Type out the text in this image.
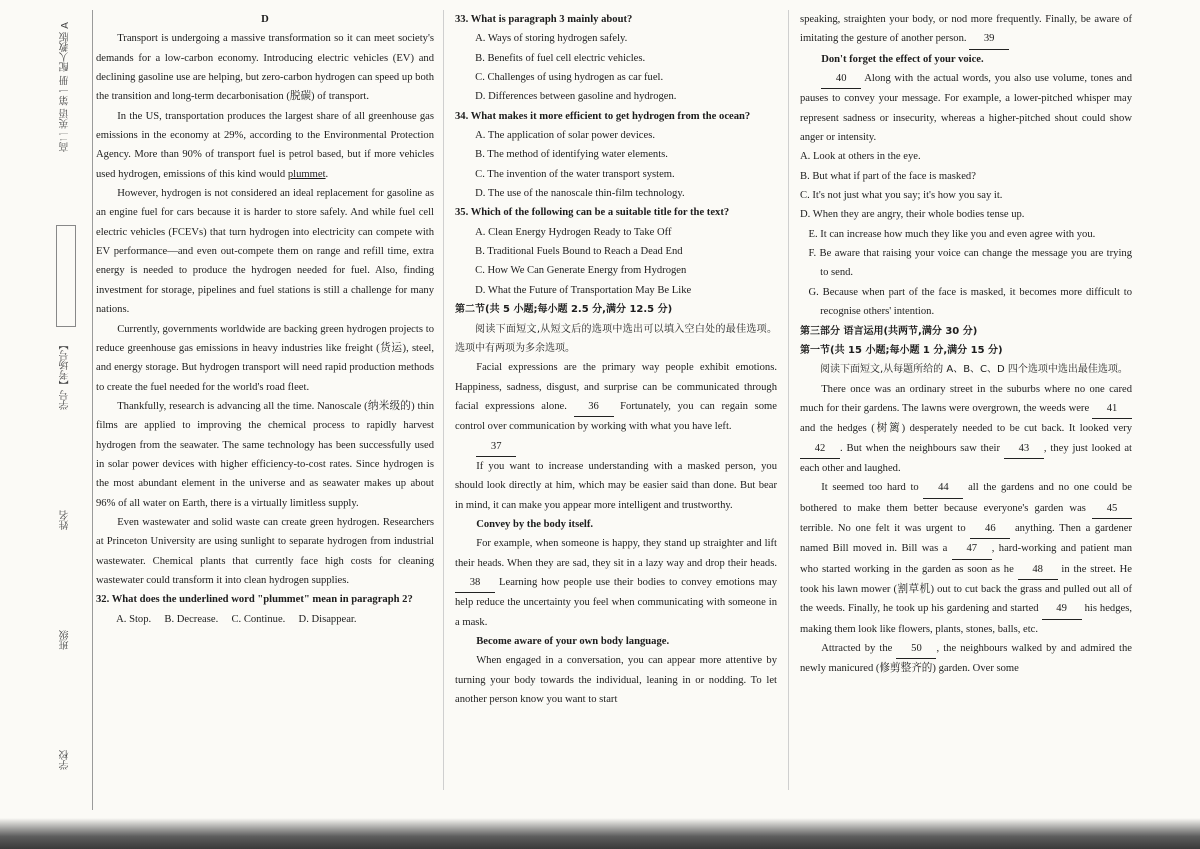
高二 英语 第一册 配人教版 A
学号【考场号】
姓名
班级
学校

D

Transport is undergoing a massive transformation so it can meet society's demands for a low-carbon economy. Introducing electric vehicles (EV) and declining gasoline use are helping, but zero-carbon hydrogen can speed up both the transition and long-term decarbonisation (脱碳) of transport.

In the US, transportation produces the largest share of all greenhouse gas emissions in the economy at 29%, according to the Environmental Protection Agency. More than 90% of transport fuel is petrol based, but if more vehicles used hydrogen, emissions of this kind would plummet.

However, hydrogen is not considered an ideal replacement for gasoline as an engine fuel for cars because it is harder to store safely. And while fuel cell electric vehicles (FCEVs) that turn hydrogen into electricity can compete with EV performance—and even out-compete them on range and refill time, extra energy is needed to produce the hydrogen needed for fuel. Also, finding investment for storage, pipelines and fuel stations is still a challenge for many nations.

Currently, governments worldwide are backing green hydrogen projects to reduce greenhouse gas emissions in heavy industries like freight (货运), steel, and energy storage. But hydrogen transport will need rapid production methods to create the fuel needed for the world's road fleet.

Thankfully, research is advancing all the time. Nanoscale (纳米级的) thin films are applied to improving the chemical process to rapidly harvest hydrogen from the seawater. The same technology has been successfully used in solar power devices with higher efficiency-to-cost rates. Since hydrogen is the most abundant element in the universe and as seawater makes up about 96% of all water on Earth, there is a virtually limitless supply.

Even wastewater and solid waste can create green hydrogen. Researchers at Princeton University are using sunlight to separate hydrogen from industrial wastewater. Chemical plants that currently face high costs for cleaning wastewater could transform it into clean hydrogen supplies.

32. What does the underlined word "plummet" mean in paragraph 2?

A. Stop.     B. Decrease.     C. Continue.     D. Disappear.

33. What is paragraph 3 mainly about?

A. Ways of storing hydrogen safely.

B. Benefits of fuel cell electric vehicles.

C. Challenges of using hydrogen as car fuel.

D. Differences between gasoline and hydrogen.

34. What makes it more efficient to get hydrogen from the ocean?

A. The application of solar power devices.

B. The method of identifying water elements.

C. The invention of the water transport system.

D. The use of the nanoscale thin-film technology.

35. Which of the following can be a suitable title for the text?

A. Clean Energy Hydrogen Ready to Take Off

B. Traditional Fuels Bound to Reach a Dead End

C. How We Can Generate Energy from Hydrogen

D. What the Future of Transportation May Be Like

第二节(共 5 小题;每小题 2.5 分,满分 12.5 分)

阅读下面短文,从短文后的选项中选出可以填入空白处的最佳选项。选项中有两项为多余选项。

Facial expressions are the primary way people exhibit emotions. Happiness, sadness, disgust, and surprise can be communicated through facial expressions alone. 36 Fortunately, you can regain some control over communication by working with what you have left.

37

If you want to increase understanding with a masked person, you should look directly at him, which may be easier said than done. But bear in mind, it can make you appear more intelligent and trustworthy.

Convey by the body itself.

For example, when someone is happy, they stand up straighter and lift their heads. When they are sad, they sit in a lazy way and drop their heads. 38 Learning how people use their bodies to convey emotions may help reduce the uncertainty you feel when communicating with someone in a mask.

Become aware of your own body language.

When engaged in a conversation, you can appear more attentive by turning your body towards the individual, leaning in or nodding. To let another person know you want to start

speaking, straighten your body, or nod more frequently. Finally, be aware of imitating the gesture of another person. 39

Don't forget the effect of your voice.

40 Along with the actual words, you also use volume, tones and pauses to convey your message. For example, a lower-pitched whisper may represent sadness or insecurity, whereas a higher-pitched shout could show anger or intensity.

A. Look at others in the eye.

B. But what if part of the face is masked?

C. It's not just what you say; it's how you say it.

D. When they are angry, their whole bodies tense up.

E. It can increase how much they like you and even agree with you.

F. Be aware that raising your voice can change the message you are trying to send.

G. Because when part of the face is masked, it becomes more difficult to recognise others' intention.

第三部分 语言运用(共两节,满分 30 分)

第一节(共 15 小题;每小题 1 分,满分 15 分)

阅读下面短文,从每题所给的 A、B、C、D 四个选项中选出最佳选项。

There once was an ordinary street in the suburbs where no one cared much for their gardens. The lawns were overgrown, the weeds were 41 and the hedges (树篱) desperately needed to be cut back. It looked very 42 . But when the neighbours saw their 43 , they just looked at each other and laughed.

It seemed too hard to 44 all the gardens and no one could be bothered to make them better because everyone's garden was 45 terrible. No one felt it was urgent to 46 anything. Then a gardener named Bill moved in. Bill was a 47 , hard-working and patient man who started working in the garden as soon as he 48 in the street. He took his lawn mower (割草机) out to cut back the grass and pulled out all of the weeds. Finally, he took up his gardening and started 49 his hedges, making them look like flowers, plants, stones, balls, etc.

Attracted by the 50 , the neighbours walked by and admired the newly manicured (修剪整齐的) garden. Over some
